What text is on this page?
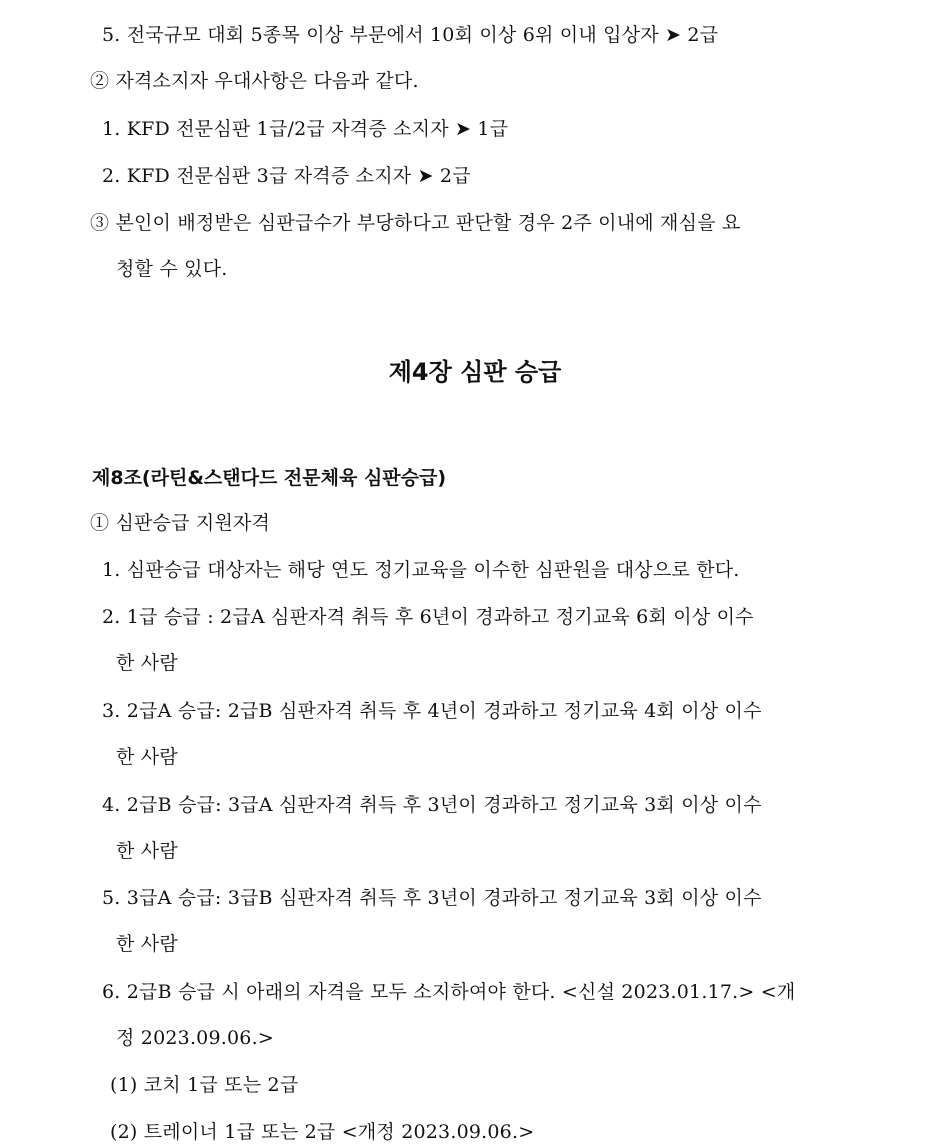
5. 전국규모 대회 5종목 이상 부문에서 10회 이상 6위 이내 입상자 ➤ 2급
② 자격소지자 우대사항은 다음과 같다.
1. KFD 전문심판 1급/2급 자격증 소지자 ➤ 1급
2. KFD 전문심판 3급 자격증 소지자 ➤ 2급
③ 본인이 배정받은 심판급수가 부당하다고 판단할 경우 2주 이내에 재심을 요
청할 수 있다.
제4장 심판 승급
제8조(라틴&스탠다드 전문체육 심판승급)
① 심판승급 지원자격
1. 심판승급 대상자는 해당 연도 정기교육을 이수한 심판원을 대상으로 한다.
2. 1급 승급 : 2급A 심판자격 취득 후 6년이 경과하고 정기교육 6회 이상 이수
한 사람
3. 2급A 승급: 2급B 심판자격 취득 후 4년이 경과하고 정기교육 4회 이상 이수
한 사람
4. 2급B 승급: 3급A 심판자격 취득 후 3년이 경과하고 정기교육 3회 이상 이수
한 사람
5. 3급A 승급: 3급B 심판자격 취득 후 3년이 경과하고 정기교육 3회 이상 이수
한 사람
6. 2급B 승급 시 아래의 자격을 모두 소지하여야 한다. <신설 2023.01.17.> <개
정 2023.09.06.>
(1) 코치 1급 또는 2급
(2) 트레이너 1급 또는 2급 <개정 2023.09.06.>
